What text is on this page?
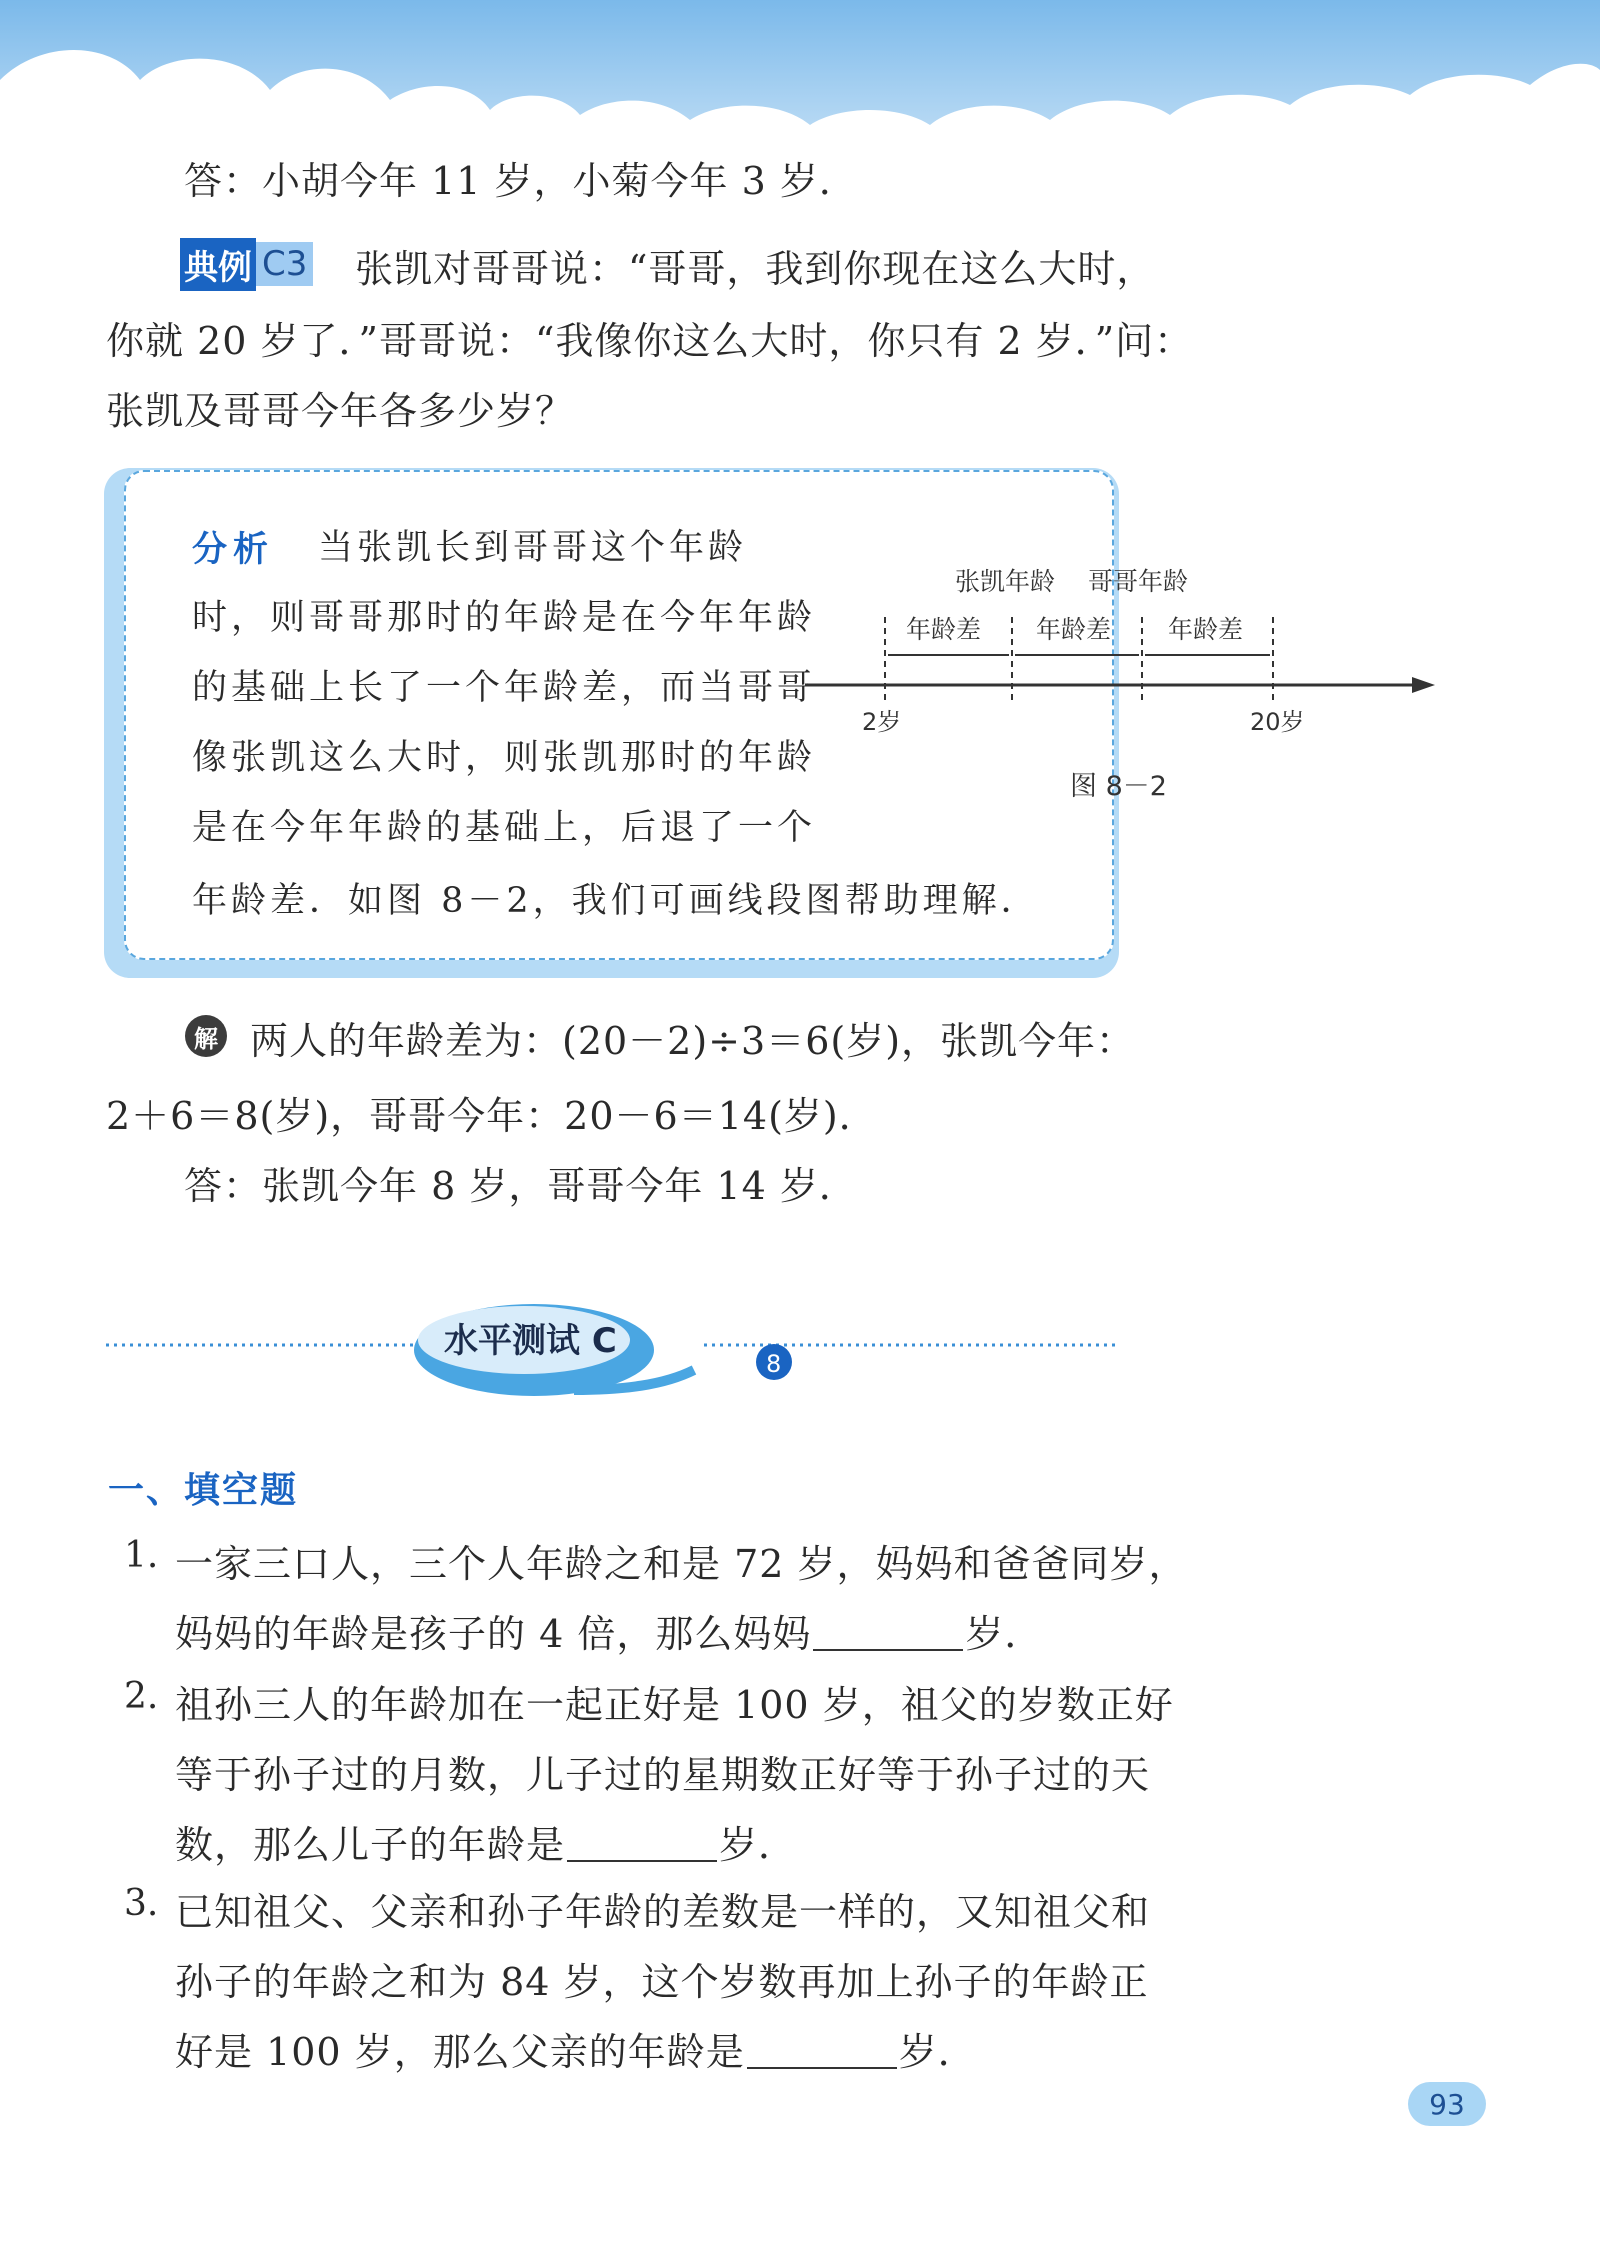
答：小胡今年 11 岁，小菊今年 3 岁．
典例 C3 张凯对哥哥说：“哥哥，我到你现在这么大时，
你就 20 岁了．”哥哥说：“我像你这么大时，你只有 2 岁．”问：
张凯及哥哥今年各多少岁？
分析 当张凯长到哥哥这个年龄
时，则哥哥那时的年龄是在今年年龄
的基础上长了一个年龄差，而当哥哥
像张凯这么大时，则张凯那时的年龄
是在今年年龄的基础上，后退了一个
年龄差．如图 8－2，我们可画线段图帮助理解．
张凯年龄 哥哥年龄
年龄差 年龄差 年龄差
2岁	20岁
图 8－2
解 两人的年龄差为：(20－2)÷3＝6(岁)，张凯今年：
2＋6＝8(岁)，哥哥今年：20－6＝14(岁)．
答：张凯今年 8 岁，哥哥今年 14 岁．
8
水平测试 C
一、填空题
1. 一家三口人，三个人年龄之和是 72 岁，妈妈和爸爸同岁，
妈妈的年龄是孩子的 4 倍，那么妈妈	岁．
2. 祖孙三人的年龄加在一起正好是 100 岁，祖父的岁数正好
等于孙子过的月数，儿子过的星期数正好等于孙子过的天
数，那么儿子的年龄是	岁．
3. 已知祖父、父亲和孙子年龄的差数是一样的，又知祖父和
孙子的年龄之和为 84 岁，这个岁数再加上孙子的年龄正
好是 100 岁，那么父亲的年龄是	岁．
93
